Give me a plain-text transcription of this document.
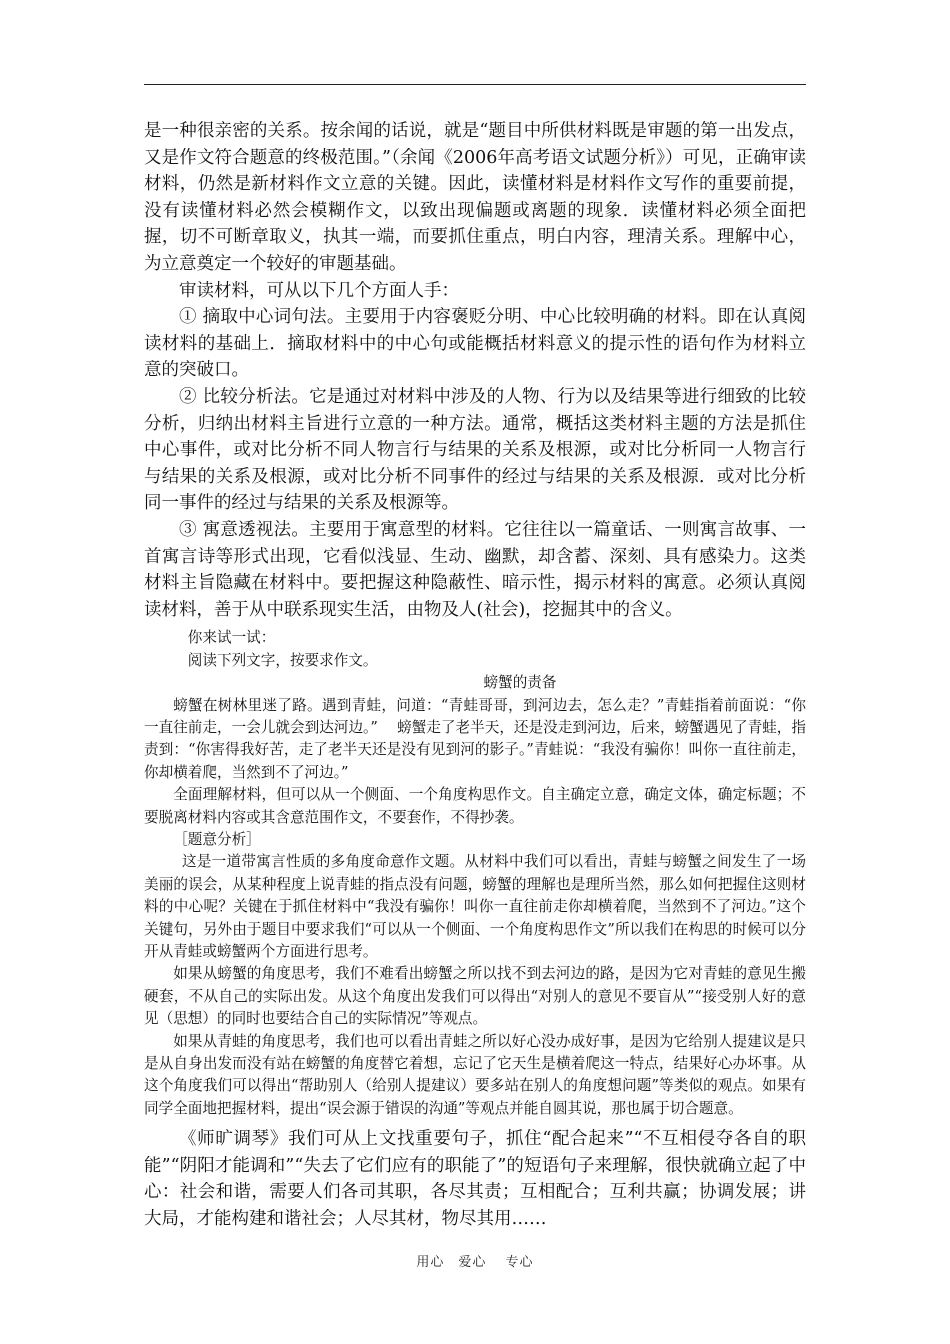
是一种很亲密的关系。按余闻的话说，就是“题目中所供材料既是审题的第一出发点，又是作文符合题意的终极范围。”（余闻《2006年高考语文试题分析》）可见，正确审读材料，仍然是新材料作文立意的关键。因此，读懂材料是材料作文写作的重要前提，没有读懂材料必然会模糊作文，以致出现偏题或离题的现象．读懂材料必须全面把握，切不可断章取义，执其一端，而要抓住重点，明白内容，理清关系。理解中心，为立意奠定一个较好的审题基础。

审读材料，可从以下几个方面人手：

① 摘取中心词句法。主要用于内容褒贬分明、中心比较明确的材料。即在认真阅读材料的基础上．摘取材料中的中心句或能概括材料意义的提示性的语句作为材料立意的突破口。

② 比较分析法。它是通过对材料中涉及的人物、行为以及结果等进行细致的比较分析，归纳出材料主旨进行立意的一种方法。通常，概括这类材料主题的方法是抓住中心事件，或对比分析不同人物言行与结果的关系及根源，或对比分析同一人物言行与结果的关系及根源，或对比分析不同事件的经过与结果的关系及根源．或对比分析同一事件的经过与结果的关系及根源等。

③ 寓意透视法。主要用于寓意型的材料。它往往以一篇童话、一则寓言故事、一首寓言诗等形式出现，它看似浅显、生动、幽默，却含蓄、深刻、具有感染力。这类材料主旨隐藏在材料中。要把握这种隐蔽性、暗示性，揭示材料的寓意。必须认真阅读材料，善于从中联系现实生活，由物及人(社会)，挖掘其中的含义。

你来试一试：

阅读下列文字，按要求作文。

螃蟹的责备

螃蟹在树林里迷了路。遇到青蛙，问道：“青蛙哥哥，到河边去，怎么走？”青蛙指着前面说：“你一直往前走，一会儿就会到达河边。”　 螃蟹走了老半天，还是没走到河边，后来，螃蟹遇见了青蛙，指责到：“你害得我好苦，走了老半天还是没有见到河的影子。”青蛙说：“我没有骗你！叫你一直往前走，你却横着爬，当然到不了河边。”

全面理解材料，但可以从一个侧面、一个角度构思作文。自主确定立意，确定文体，确定标题；不要脱离材料内容或其含意范围作文，不要套作，不得抄袭。

［题意分析］

这是一道带寓言性质的多角度命意作文题。从材料中我们可以看出，青蛙与螃蟹之间发生了一场美丽的误会，从某种程度上说青蛙的指点没有问题，螃蟹的理解也是理所当然，那么如何把握住这则材料的中心呢？关键在于抓住材料中“我没有骗你！叫你一直往前走你却横着爬，当然到不了河边。”这个关键句，另外由于题目中要求我们“可以从一个侧面、一个角度构思作文”所以我们在构思的时候可以分开从青蛙或螃蟹两个方面进行思考。

如果从螃蟹的角度思考，我们不难看出螃蟹之所以找不到去河边的路，是因为它对青蛙的意见生搬硬套，不从自己的实际出发。从这个角度出发我们可以得出“对别人的意见不要盲从”“接受别人好的意见（思想）的同时也要结合自己的实际情况”等观点。

如果从青蛙的角度思考，我们也可以看出青蛙之所以好心没办成好事，是因为它给别人提建议是只是从自身出发而没有站在螃蟹的角度替它着想，忘记了它天生是横着爬这一特点，结果好心办坏事。从这个角度我们可以得出“帮助别人（给别人提建议）要多站在别人的角度想问题”等类似的观点。如果有同学全面地把握材料，提出“误会源于错误的沟通”等观点并能自圆其说，那也属于切合题意。

《师旷调琴》我们可从上文找重要句子，抓住“配合起来”“不互相侵夺各自的职能”“阴阳才能调和”“失去了它们应有的职能了”的短语句子来理解，很快就确立起了中心：社会和谐，需要人们各司其职，各尽其责；互相配合；互利共赢；协调发展；讲大局，才能构建和谐社会；人尽其材，物尽其用……

用心　爱心　 专心
